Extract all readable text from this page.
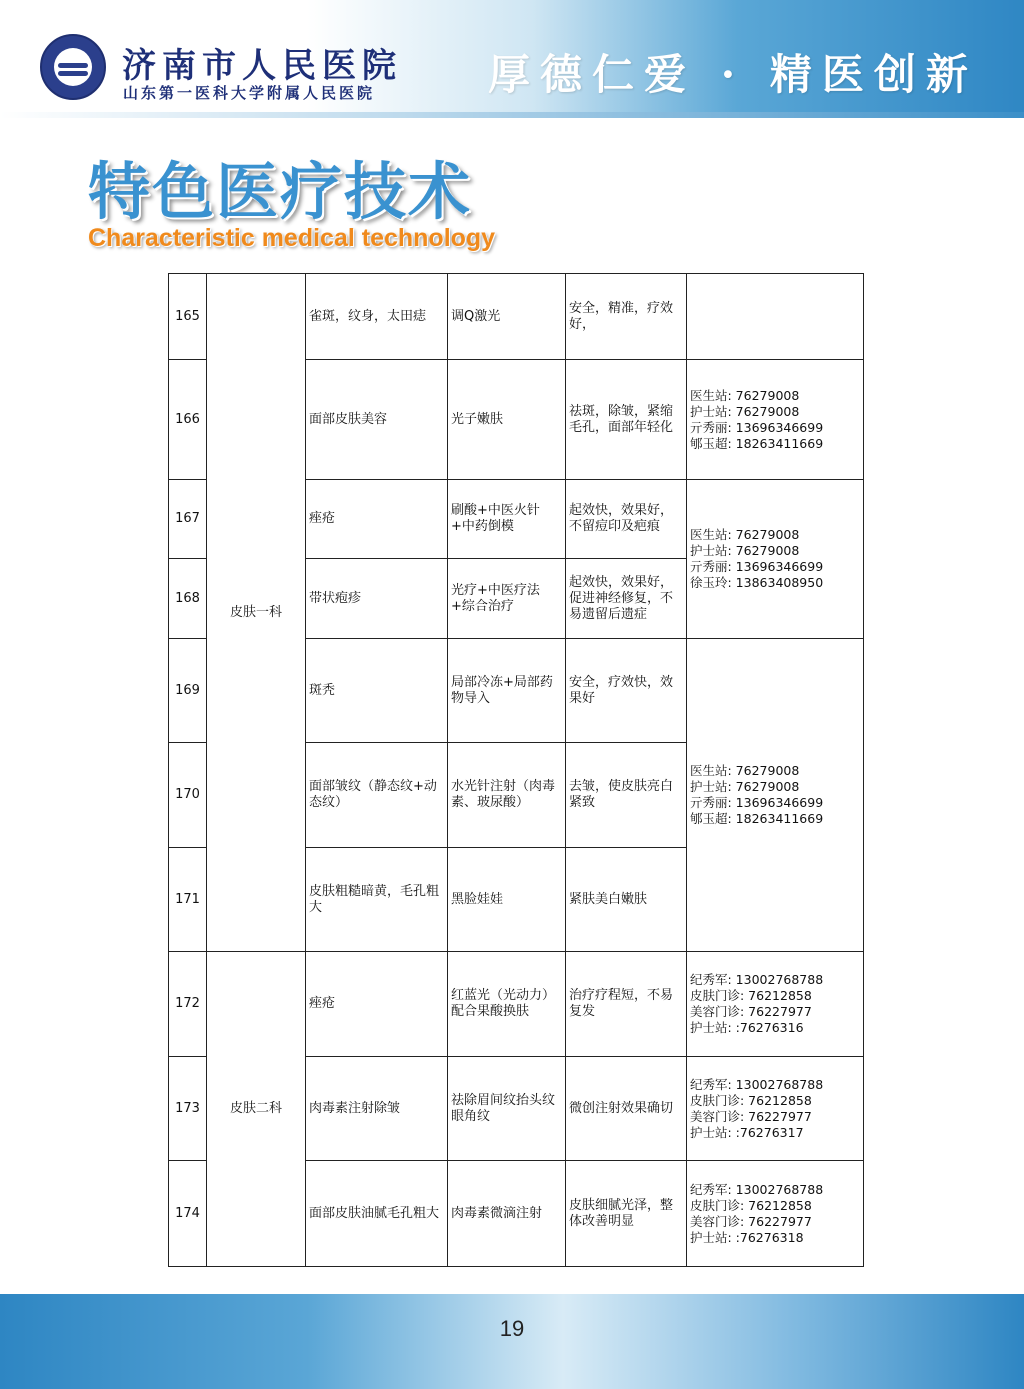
济南市人民医院
山东第一医科大学附属人民医院	厚德仁爱 · 精医创新
特色医疗技术
Characteristic medical technology
165	皮肤一科	雀斑，纹身，太田痣	调Q激光	安全，精准，疗效好，	
166		面部皮肤美容	光子嫩肤	祛斑，除皱，紧缩毛孔，面部年轻化	医生站: 76279008
护士站: 76279008
亓秀丽: 13696346699
郇玉超: 18263411669

167		痤疮	刷酸+中医火针+中药倒模	起效快，效果好，不留痘印及疤痕	医生站: 76279008
护士站: 76279008
亓秀丽: 13696346699
徐玉玲: 13863408950

168		带状疱疹	光疗+中医疗法+综合治疗	起效快，效果好，促进神经修复，不易遗留后遗症	
169		斑秃	局部冷冻+局部药物导入	安全，疗效快，效果好	医生站: 76279008
护士站: 76279008
亓秀丽: 13696346699
郇玉超: 18263411669

170		面部皱纹（静态纹+动态纹）	水光针注射（肉毒素、玻尿酸）	去皱，使皮肤亮白紧致	
171		皮肤粗糙暗黄，毛孔粗大	黑脸娃娃	紧肤美白嫩肤	
172	皮肤二科	痤疮	红蓝光（光动力）配合果酸换肤	治疗疗程短，不易复发	纪秀军: 13002768788
皮肤门诊: 76212858
美容门诊: 76227977
护士站: :76276316

173		肉毒素注射除皱	祛除眉间纹抬头纹眼角纹	微创注射效果确切	纪秀军: 13002768788
皮肤门诊: 76212858
美容门诊: 76227977
护士站: :76276317

174		面部皮肤油腻毛孔粗大	肉毒素微滴注射	皮肤细腻光泽，整体改善明显	纪秀军: 13002768788
皮肤门诊: 76212858
美容门诊: 76227977
护士站: :76276318
19
